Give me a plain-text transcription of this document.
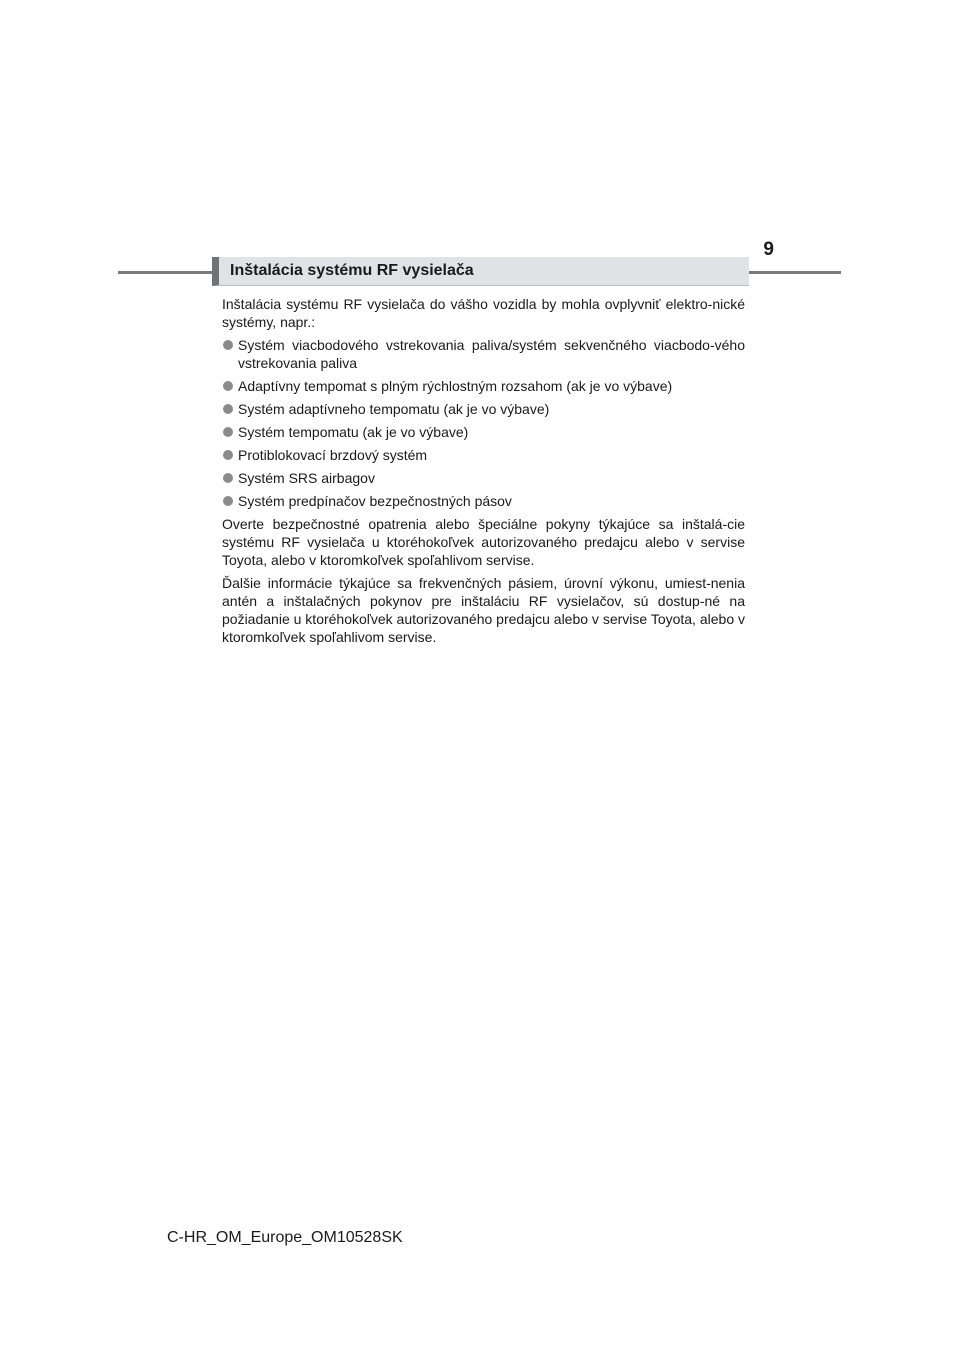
9
Inštalácia systému RF vysielača

Inštalácia systému RF vysielača do vášho vozidla by mohla ovplyvniť elektro-nické systémy, napr.:

Systém viacbodového vstrekovania paliva/systém sekvenčného viacbodo-vého vstrekovania paliva
Adaptívny tempomat s plným rýchlostným rozsahom (ak je vo výbave)
Systém adaptívneho tempomatu (ak je vo výbave)
Systém tempomatu (ak je vo výbave)
Protiblokovací brzdový systém
Systém SRS airbagov
Systém predpínačov bezpečnostných pásov

Overte bezpečnostné opatrenia alebo špeciálne pokyny týkajúce sa inštalá-cie systému RF vysielača u ktoréhokoľvek autorizovaného predajcu alebo v servise Toyota, alebo v ktoromkoľvek spoľahlivom servise.

Ďalšie informácie týkajúce sa frekvenčných pásiem, úrovní výkonu, umiest-nenia antén a inštalačných pokynov pre inštaláciu RF vysielačov, sú dostup-né na požiadanie u ktoréhokoľvek autorizovaného predajcu alebo v servise Toyota, alebo v ktoromkoľvek spoľahlivom servise.

C-HR_OM_Europe_OM10528SK
